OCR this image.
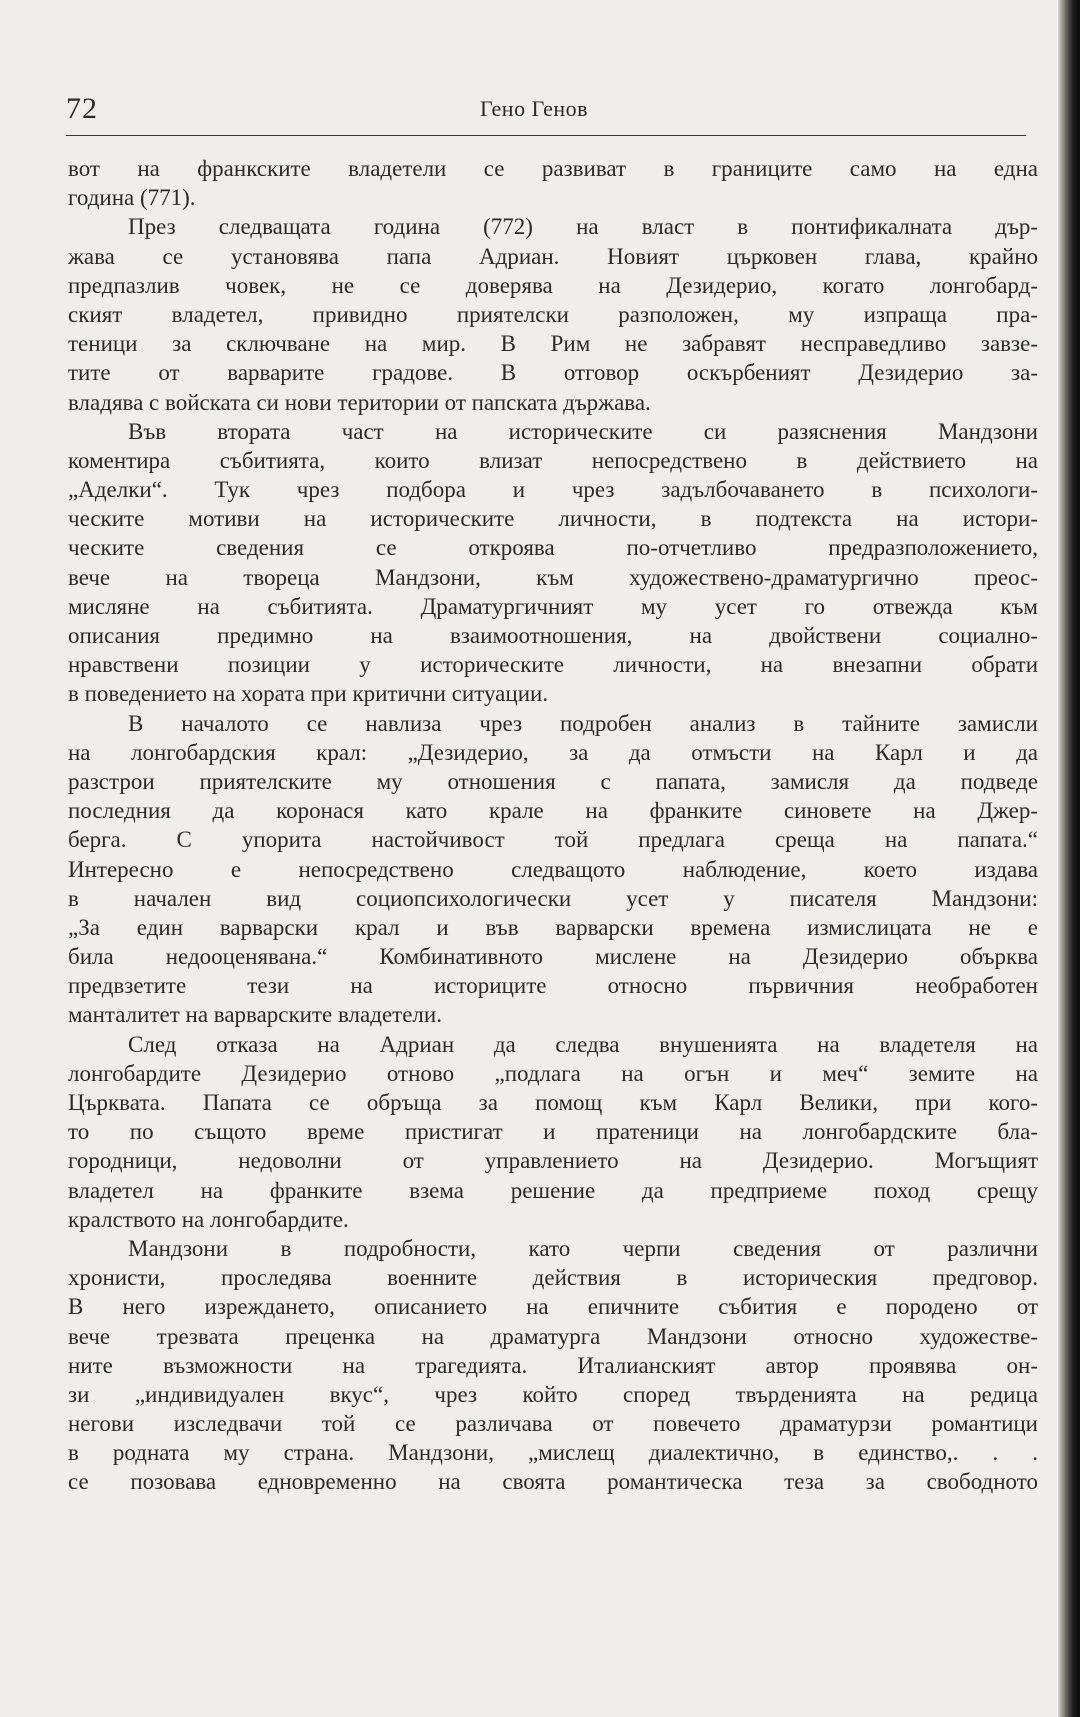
72	Гено Генов
вот на франкските владетели се развиват в границите само на една
година (771).
През следващата година (772) на власт в понтификалната дър-
жава се установява папа Адриан. Новият църковен глава, крайно
предпазлив човек, не се доверява на Дезидерио, когато лонгобард-
ският владетел, привидно приятелски разположен, му изпраща пра-
теници за сключване на мир. В Рим не забравят несправедливо завзе-
тите от варварите градове. В отговор оскърбеният Дезидерио за-
владява с войската си нови територии от папската държава.
Във втората част на историческите си разяснения Мандзони
коментира събитията, които влизат непосредствено в действието на
„Аделки“. Тук чрез подбора и чрез задълбочаването в психологи-
ческите мотиви на историческите личности, в подтекста на истори-
ческите сведения се откроява по-отчетливо предразположението,
вече на твореца Мандзони, към художествено-драматургично преос-
мисляне на събитията. Драматургичният му усет го отвежда към
описания предимно на взаимоотношения, на двойствени социално-
нравствени позиции у историческите личности, на внезапни обрати
в поведението на хората при критични ситуации.
В началото се навлиза чрез подробен анализ в тайните замисли
на лонгобардския крал: „Дезидерио, за да отмъсти на Карл и да
разстрои приятелските му отношения с папата, замисля да подведе
последния да коронася като крале на франките синовете на Джер-
берга. С упорита настойчивост той предлага среща на папата.“
Интересно е непосредствено следващото наблюдение, което издава
в начален вид социопсихологически усет у писателя Мандзони:
„За един варварски крал и във варварски времена измислицата не е
била недооценявана.“ Комбинативното мислене на Дезидерио обърква
предвзетите тези на историците относно първичния необработен
манталитет на варварските владетели.
След отказа на Адриан да следва внушенията на владетеля на
лонгобардите Дезидерио отново „подлага на огън и меч“ земите на
Църквата. Папата се обръща за помощ към Карл Велики, при кого-
то по същото време пристигат и пратеници на лонгобардските бла-
городници, недоволни от управлението на Дезидерио. Могъщият
владетел на франките взема решение да предприеме поход срещу
кралството на лонгобардите.
Мандзони в подробности, като черпи сведения от различни
хронисти, проследява военните действия в историческия предговор.
В него изреждането, описанието на епичните събития е породено от
вече трезвата преценка на драматурга Мандзони относно художестве-
ните възможности на трагедията. Италианският автор проявява он-
зи „индивидуален вкус“, чрез който според твърденията на редица
негови изследвачи той се различава от повечето драматурзи романтици
в родната му страна. Мандзони, „мислещ диалектично, в единство,. . .
се позовава едновременно на своята романтическа теза за свободното
